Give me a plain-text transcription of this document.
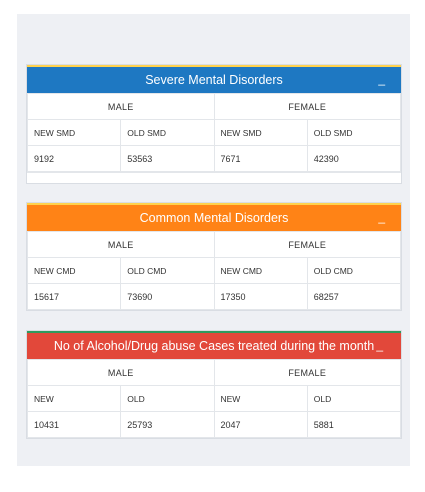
Severe Mental Disorders	_
MALE		FEMALE	
NEW SMD	OLD SMD	NEW SMD	OLD SMD
9192	53563	7671	42390
Common Mental Disorders	_
MALE		FEMALE	
NEW CMD	OLD CMD	NEW CMD	OLD CMD
15617	73690	17350	68257
No of Alcohol/Drug abuse Cases treated during the month _
MALE		FEMALE	
NEW	OLD	NEW	OLD
10431	25793	2047	5881
